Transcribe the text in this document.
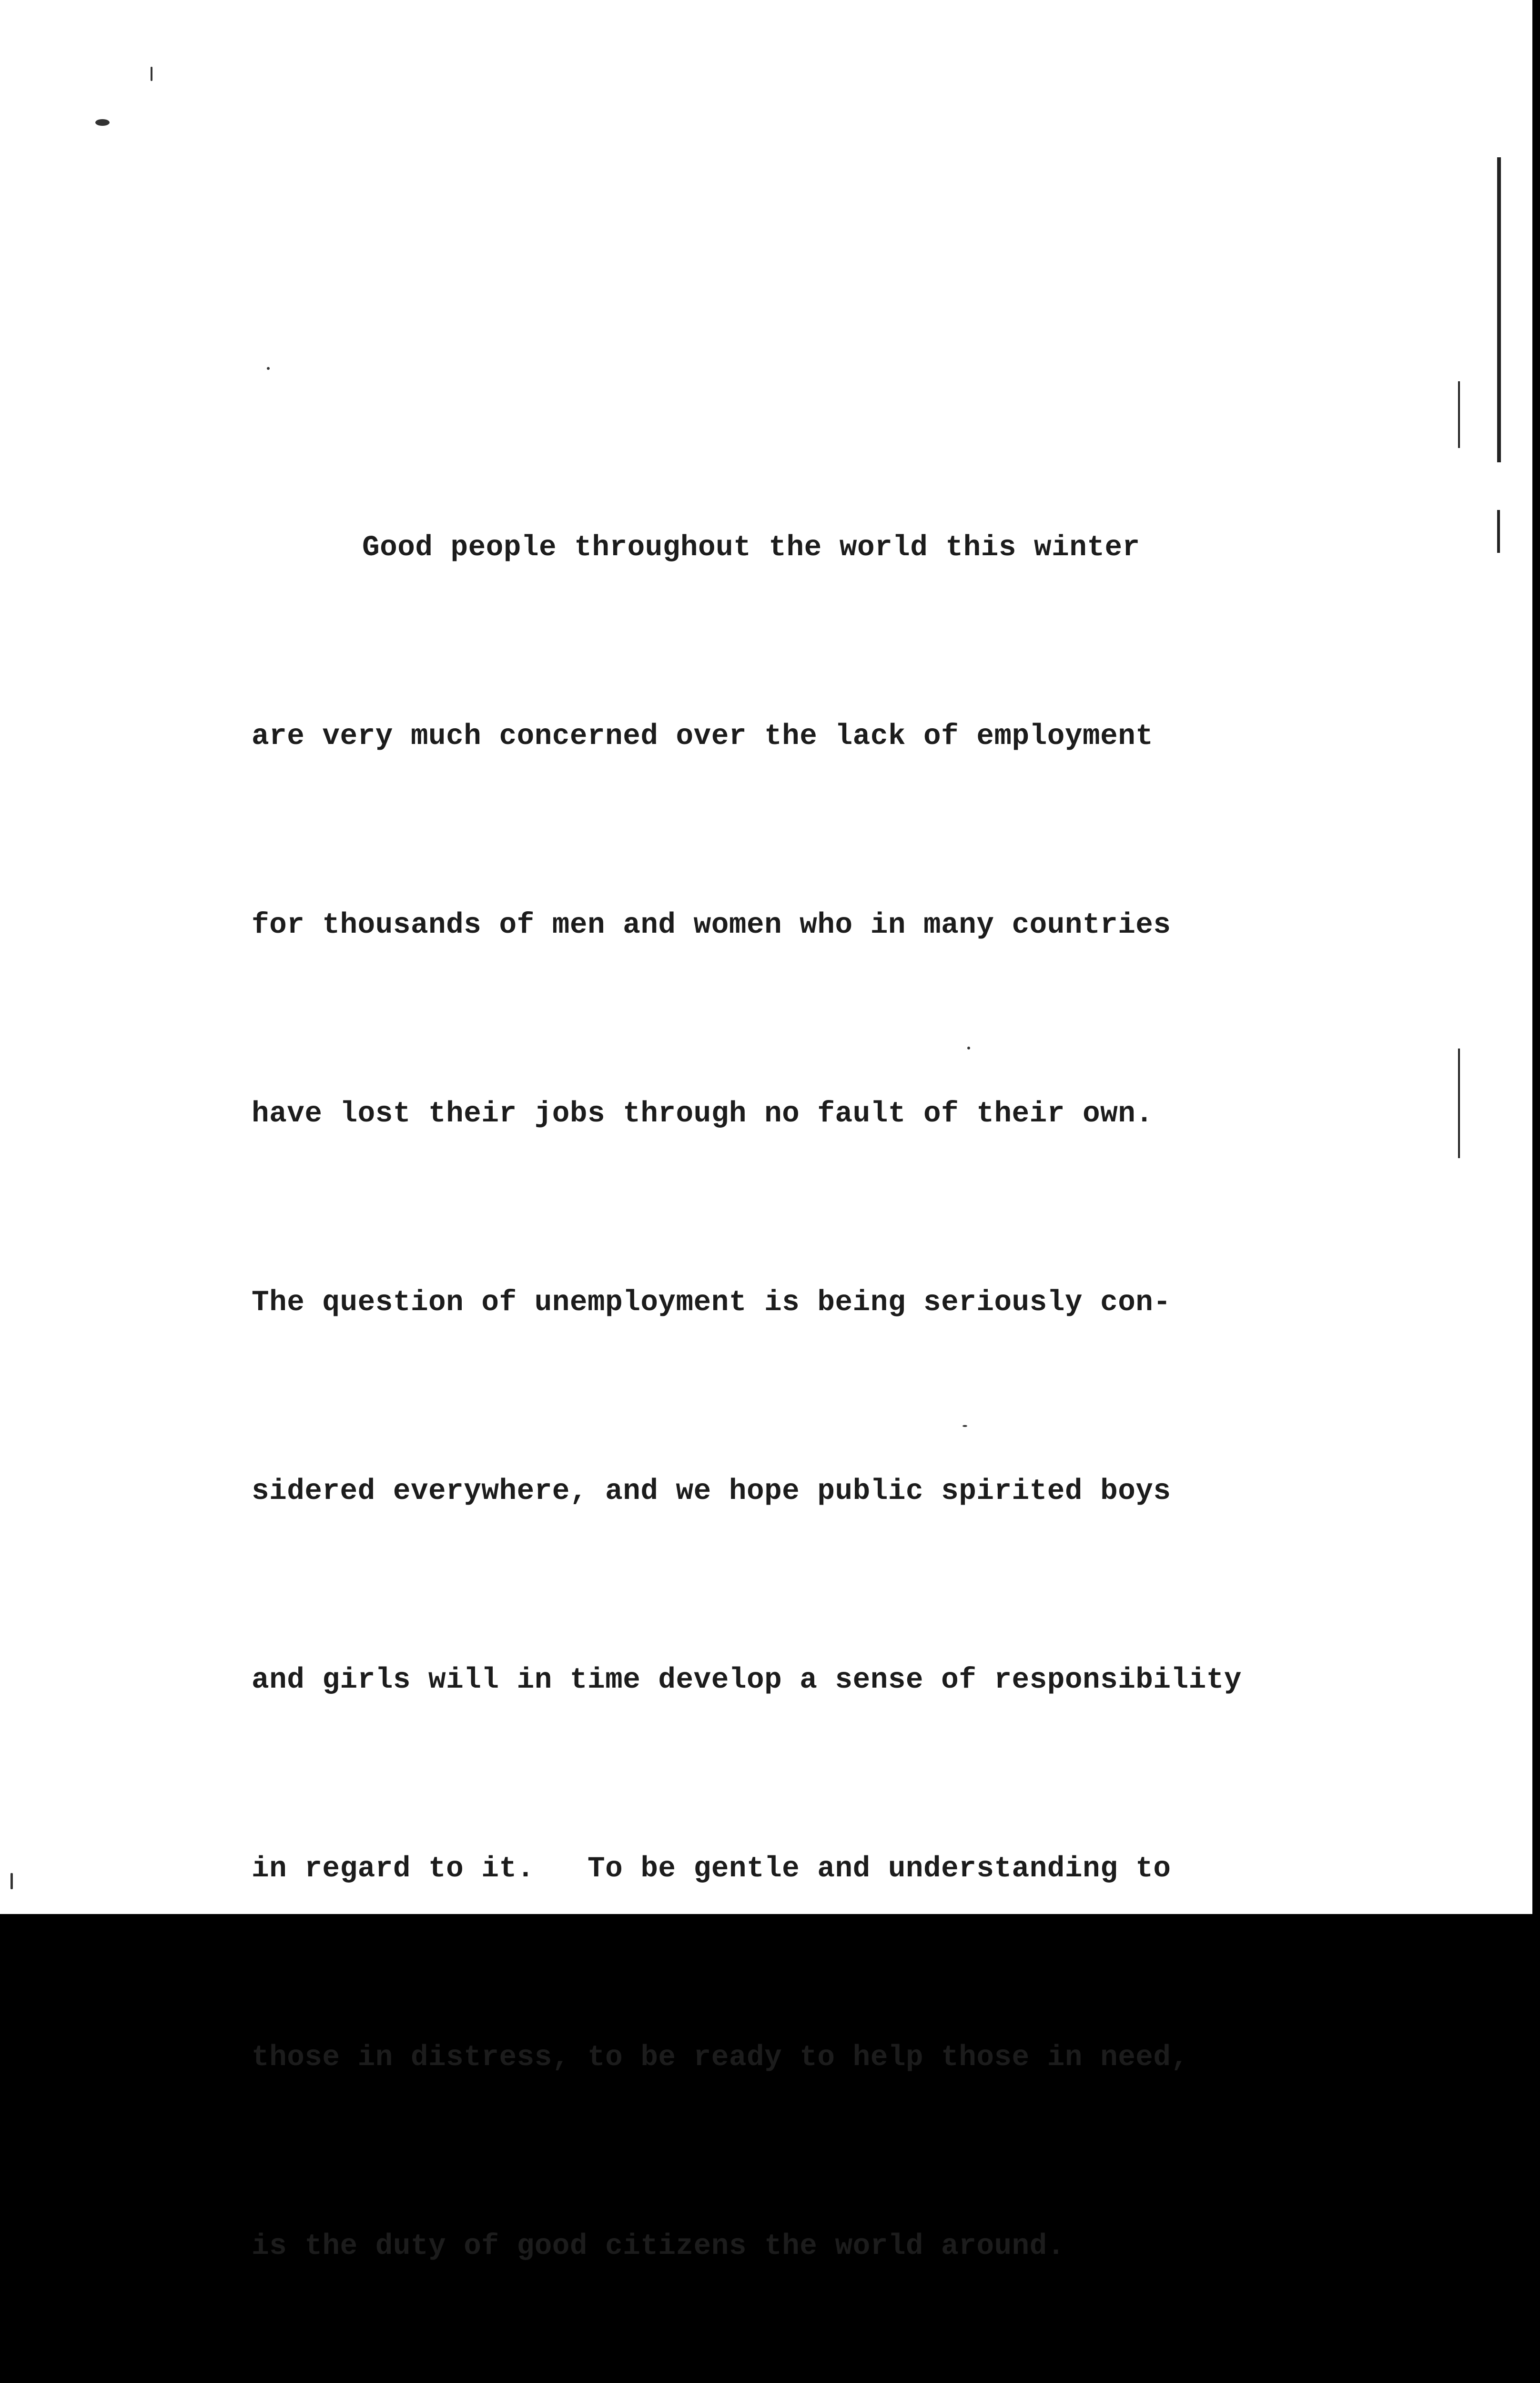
Good people throughout the world this winter

are very much concerned over the lack of employment

for thousands of men and women who in many countries

have lost their jobs through no fault of their own.

The question of unemployment is being seriously con-

sidered everywhere, and we hope public spirited boys

and girls will in time develop a sense of responsibility

in regard to it.   To be gentle and understanding to

those in distress, to be ready to help those in need,

is the duty of good citizens the world around.
